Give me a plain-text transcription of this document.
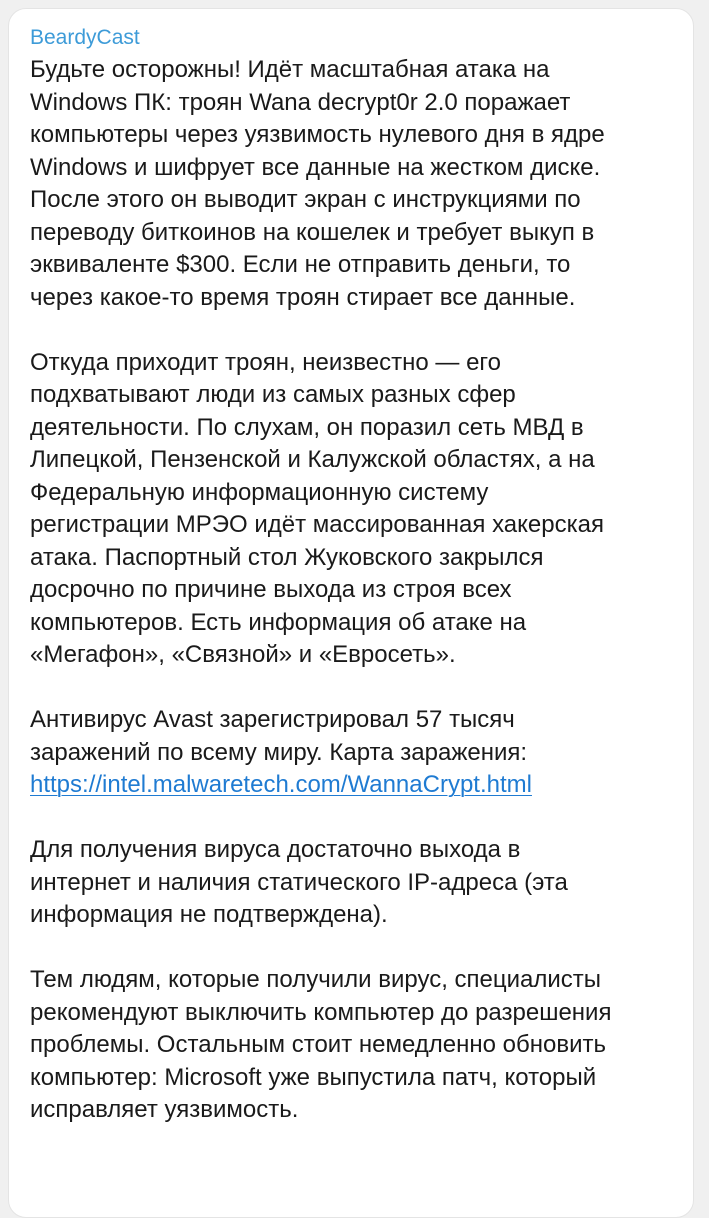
BeardyCast
Будьте осторожны! Идёт масштабная атака на
Windows ПК: троян Wana decrypt0r 2.0 поражает
компьютеры через уязвимость нулевого дня в ядре
Windows и шифрует все данные на жестком диске.
После этого он выводит экран с инструкциями по
переводу биткоинов на кошелек и требует выкуп в
эквиваленте $300. Если не отправить деньги, то
через какое-то время троян стирает все данные.
Откуда приходит троян, неизвестно — его
подхватывают люди из самых разных сфер
деятельности. По слухам, он поразил сеть МВД в
Липецкой, Пензенской и Калужской областях, а на
Федеральную информационную систему
регистрации МРЭО идёт массированная хакерская
атака. Паспортный стол Жуковского закрылся
досрочно по причине выхода из строя всех
компьютеров. Есть информация об атаке на
«Мегафон», «Связной» и «Евросеть».
Антивирус Avast зарегистрировал 57 тысяч
заражений по всему миру. Карта заражения:
https://intel.malwaretech.com/WannaCrypt.html
Для получения вируса достаточно выхода в
интернет и наличия статического IP-адреса (эта
информация не подтверждена).
Тем людям, которые получили вирус, специалисты
рекомендуют выключить компьютер до разрешения
проблемы. Остальным стоит немедленно обновить
компьютер: Microsoft уже выпустила патч, который
исправляет уязвимость.
